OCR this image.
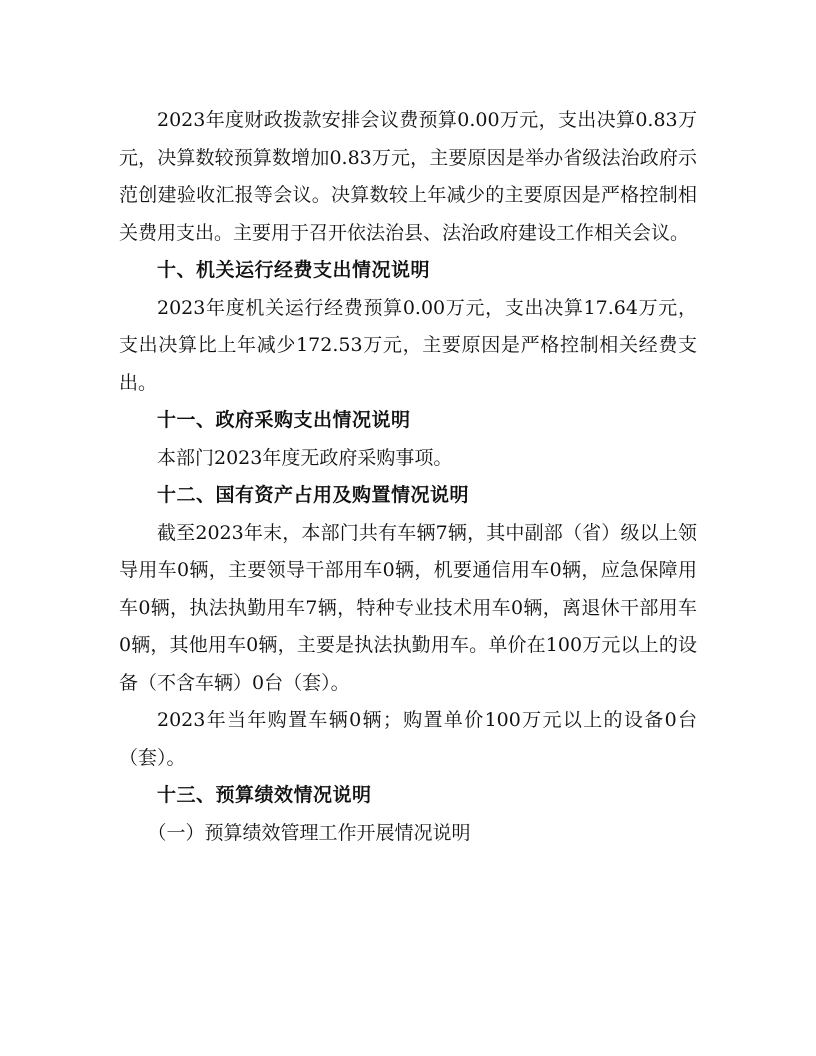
2023年度财政拨款安排会议费预算0.00万元，支出决算0.83万元，决算数较预算数增加0.83万元，主要原因是举办省级法治政府示范创建验收汇报等会议。决算数较上年减少的主要原因是严格控制相关费用支出。主要用于召开依法治县、法治政府建设工作相关会议。

十、机关运行经费支出情况说明

2023年度机关运行经费预算0.00万元，支出决算17.64万元，支出决算比上年减少172.53万元，主要原因是严格控制相关经费支出。

十一、政府采购支出情况说明

本部门2023年度无政府采购事项。

十二、国有资产占用及购置情况说明

截至2023年末，本部门共有车辆7辆，其中副部（省）级以上领导用车0辆，主要领导干部用车0辆，机要通信用车0辆，应急保障用车0辆，执法执勤用车7辆，特种专业技术用车0辆，离退休干部用车0辆，其他用车0辆，主要是执法执勤用车。单价在100万元以上的设备（不含车辆）0台（套）。

2023年当年购置车辆0辆；购置单价100万元以上的设备0台（套）。

十三、预算绩效情况说明

（一）预算绩效管理工作开展情况说明
